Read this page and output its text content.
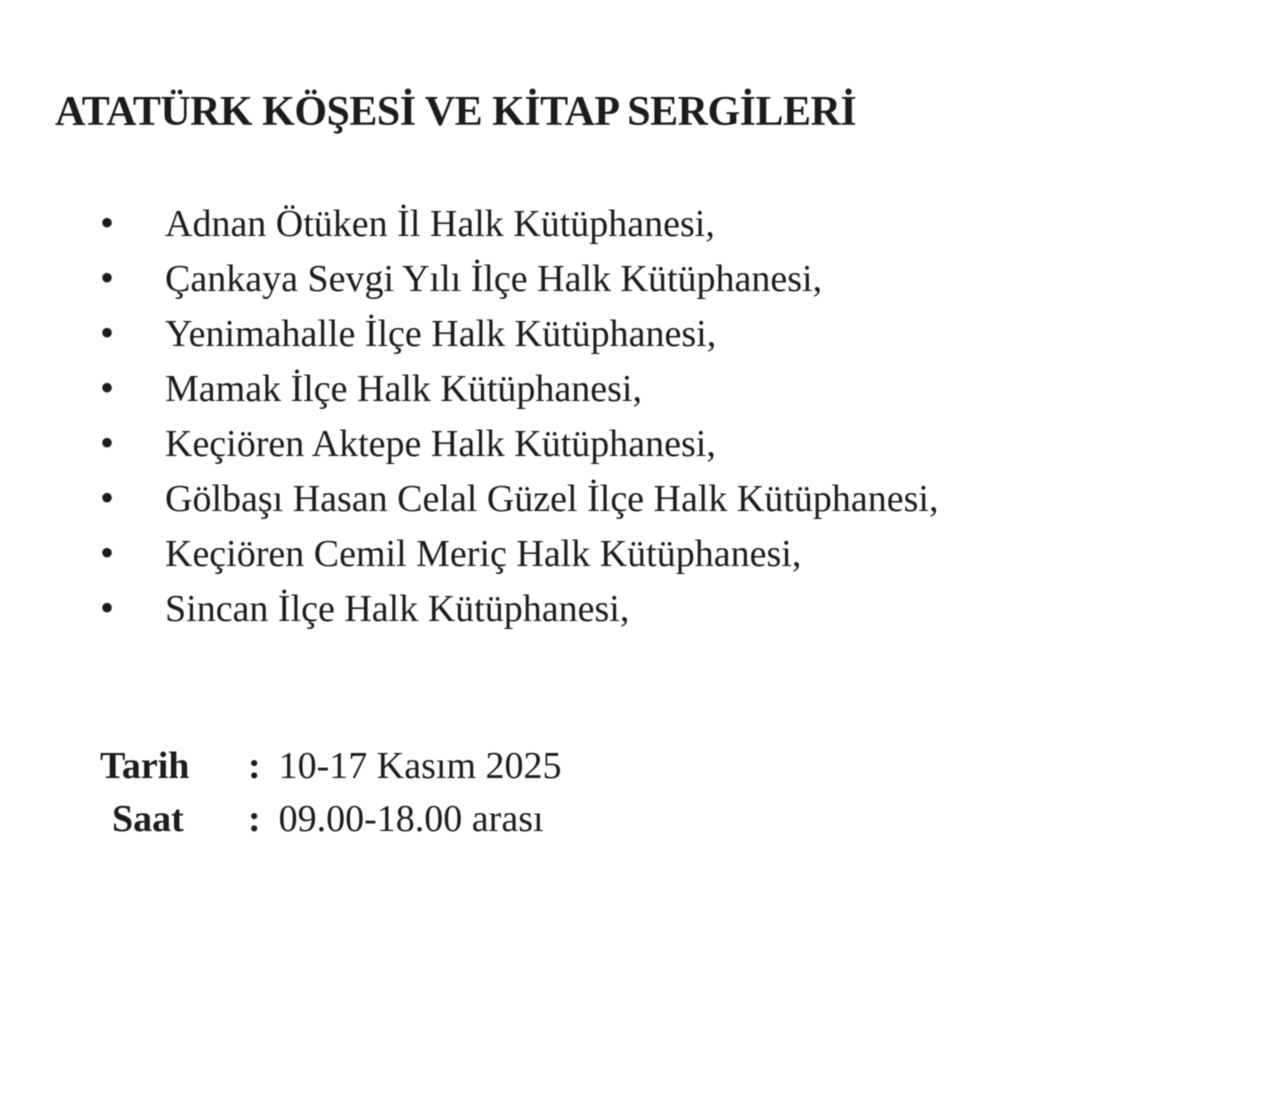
ATATÜRK KÖŞESİ VE KİTAP SERGİLERİ
•	Adnan Ötüken İl Halk Kütüphanesi,
•	Çankaya Sevgi Yılı İlçe Halk Kütüphanesi,
•	Yenimahalle İlçe Halk Kütüphanesi,
•	Mamak İlçe Halk Kütüphanesi,
•	Keçiören Aktepe Halk Kütüphanesi,
•	Gölbaşı Hasan Celal Güzel İlçe Halk Kütüphanesi,
•	Keçiören Cemil Meriç Halk Kütüphanesi,
•	Sincan İlçe Halk Kütüphanesi,
Tarih : 10-17 Kasım 2025
Saat : 09.00-18.00 arası
